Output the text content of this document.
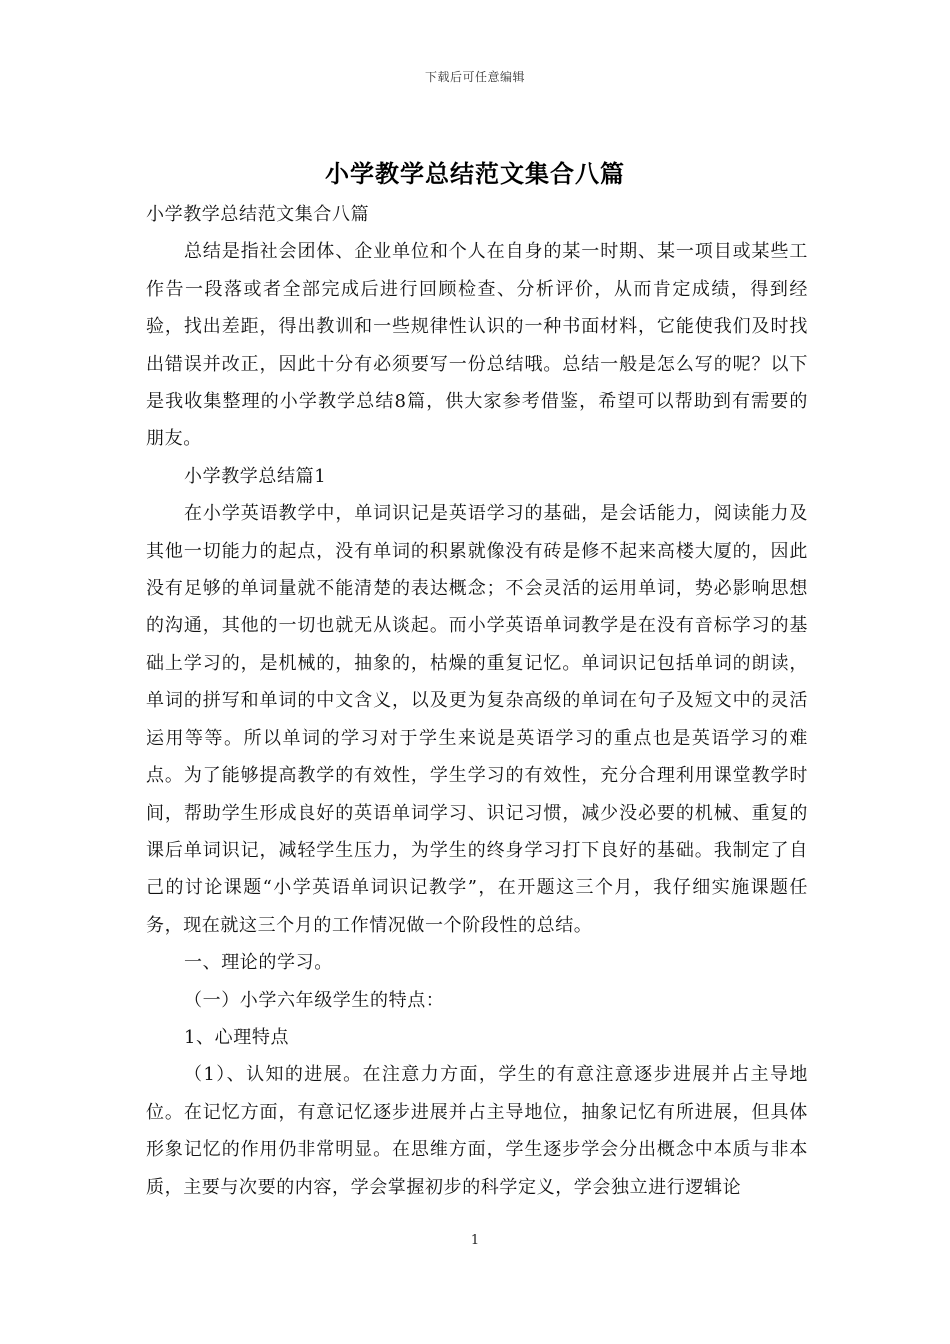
下载后可任意编辑
小学教学总结范文集合八篇

小学教学总结范文集合八篇

总结是指社会团体、企业单位和个人在自身的某一时期、某一项目或某些工作告一段落或者全部完成后进行回顾检查、分析评价，从而肯定成绩，得到经验，找出差距，得出教训和一些规律性认识的一种书面材料，它能使我们及时找出错误并改正，因此十分有必须要写一份总结哦。总结一般是怎么写的呢？以下是我收集整理的小学教学总结8篇，供大家参考借鉴，希望可以帮助到有需要的朋友。

小学教学总结篇1

在小学英语教学中，单词识记是英语学习的基础，是会话能力，阅读能力及其他一切能力的起点，没有单词的积累就像没有砖是修不起来高楼大厦的，因此没有足够的单词量就不能清楚的表达概念；不会灵活的运用单词，势必影响思想的沟通，其他的一切也就无从谈起。而小学英语单词教学是在没有音标学习的基础上学习的，是机械的，抽象的，枯燥的重复记忆。单词识记包括单词的朗读，单词的拼写和单词的中文含义，以及更为复杂高级的单词在句子及短文中的灵活运用等等。所以单词的学习对于学生来说是英语学习的重点也是英语学习的难点。为了能够提高教学的有效性，学生学习的有效性，充分合理利用课堂教学时间，帮助学生形成良好的英语单词学习、识记习惯，减少没必要的机械、重复的课后单词识记，减轻学生压力，为学生的终身学习打下良好的基础。我制定了自己的讨论课题“小学英语单词识记教学”，在开题这三个月，我仔细实施课题任务，现在就这三个月的工作情况做一个阶段性的总结。

一、理论的学习。

（一）小学六年级学生的特点：

1、心理特点

（1）、认知的进展。在注意力方面，学生的有意注意逐步进展并占主导地位。在记忆方面，有意记忆逐步进展并占主导地位，抽象记忆有所进展，但具体形象记忆的作用仍非常明显。在思维方面，学生逐步学会分出概念中本质与非本质，主要与次要的内容，学会掌握初步的科学定义，学会独立进行逻辑论

1
